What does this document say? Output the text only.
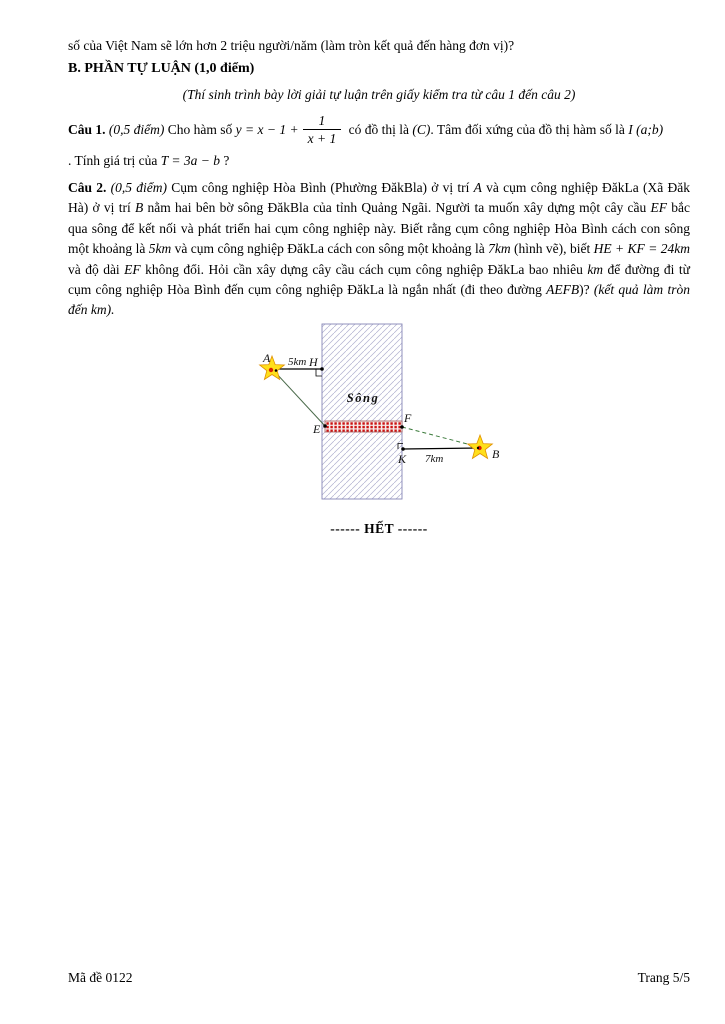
số của Việt Nam sẽ lớn hơn 2 triệu người/năm (làm tròn kết quả đến hàng đơn vị)?

B. PHẦN TỰ LUẬN (1,0 điểm)

(Thí sinh trình bày lời giải tự luận trên giấy kiểm tra từ câu 1 đến câu 2)

Câu 1. (0,5 điểm) Cho hàm số $y = x - 1 + \frac{1}{x + 1}$ có đồ thị là (C). Tâm đối xứng của đồ thị hàm số là I (a;b)

. Tính giá trị của T = 3a − b ?

Câu 2. (0,5 điểm) Cụm công nghiệp Hòa Bình (Phường ĐăkBla) ở vị trí A và cụm công nghiệp ĐăkLa (Xã Đăk Hà) ở vị trí B nằm hai bên bờ sông ĐăkBla của tỉnh Quảng Ngãi. Người ta muốn xây dựng một cây cầu EF bắc qua sông để kết nối và phát triển hai cụm công nghiệp này. Biết rằng cụm công nghiệp Hòa Bình cách con sông một khoảng là 5km và cụm công nghiệp ĐăkLa cách con sông một khoảng là 7km (hình vẽ), biết HE + KF = 24km và độ dài EF không đổi. Hỏi cần xây dựng cây cầu cách cụm công nghiệp ĐăkLa bao nhiêu km để đường đi từ cụm công nghiệp Hòa Bình đến cụm công nghiệp ĐăkLa là ngắn nhất (đi theo đường AEFB)? (kết quả làm tròn đến km).

Sông
A	H
E
F
K	B
5km
7km

------ HẾT ------

Mã đề 0122	Trang 5/5
